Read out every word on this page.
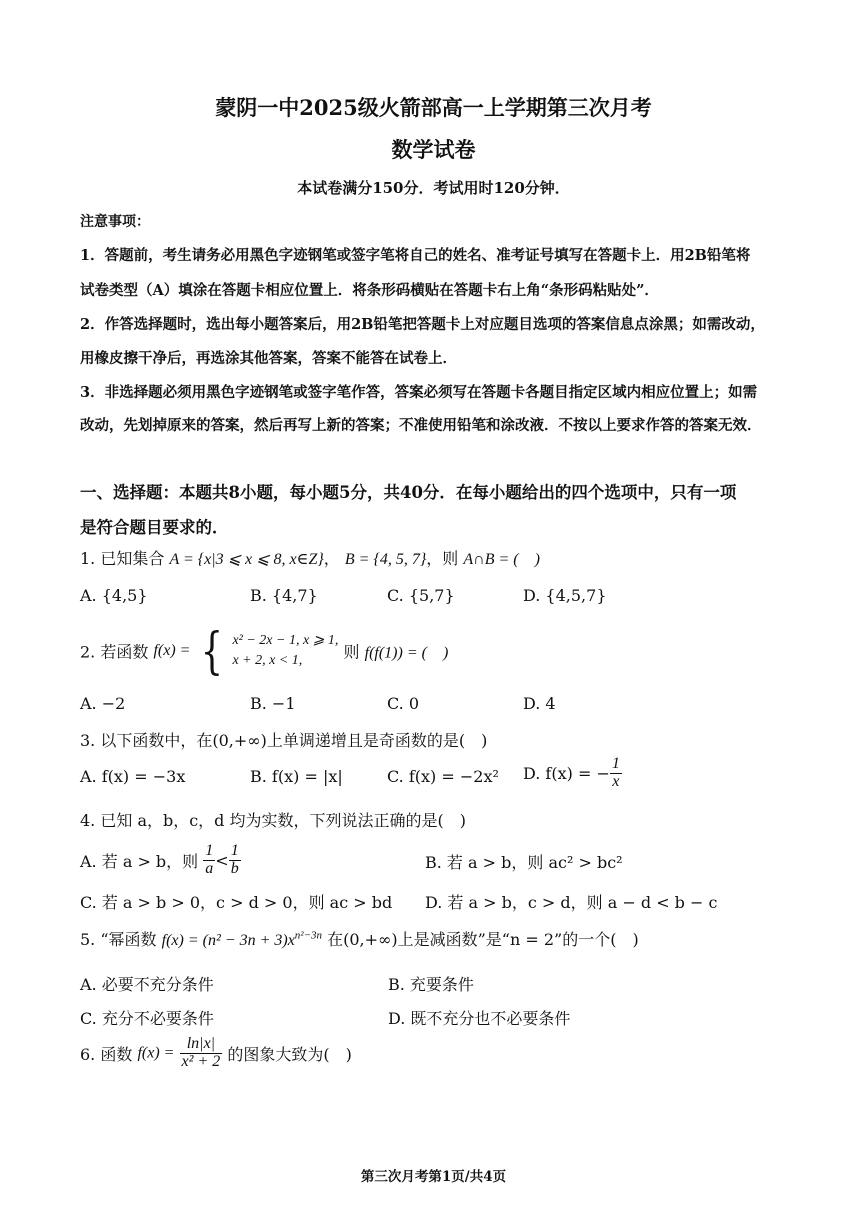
蒙阴一中2025级火箭部高一上学期第三次月考
数学试卷
本试卷满分150分．考试用时120分钟．
注意事项：
1．答题前，考生请务必用黑色字迹钢笔或签字笔将自己的姓名、准考证号填写在答题卡上．用2B铅笔将
试卷类型（A）填涂在答题卡相应位置上．将条形码横贴在答题卡右上角“条形码粘贴处”．
2．作答选择题时，选出每小题答案后，用2B铅笔把答题卡上对应题目选项的答案信息点涂黑；如需改动，
用橡皮擦干净后，再选涂其他答案，答案不能答在试卷上．
3．非选择题必须用黑色字迹钢笔或签字笔作答，答案必须写在答题卡各题目指定区域内相应位置上；如需
改动，先划掉原来的答案，然后再写上新的答案；不准使用铅笔和涂改液．不按以上要求作答的答案无效．
一、选择题：本题共8小题，每小题5分，共40分．在每小题给出的四个选项中，只有一项
是符合题目要求的．
1. 已知集合 A = {x|3 ⩽ x ⩽ 8, x∈Z}， B = {4, 5, 7}，则 A∩B = (　)
A. {4,5}	B. {4,7}	C. {5,7}	D. {4,5,7}
2. 若函数 f(x) = { x² − 2x − 1, x ⩾ 1,
x + 2, x < 1,	则 f(f(1)) = (　)
A. −2	B. −1	C. 0	D. 4
3. 以下函数中，在(0,+∞)上单调递增且是奇函数的是(　)
A. f(x) = −3x	B. f(x) = |x|	C. f(x) = −2x² D. f(x) = − $\frac{1}{x}$
4. 已知 a，b，c，d 均为实数，下列说法正确的是(　)
A. 若 a > b，则 $\frac{1}{a} < \frac{1}{b}$	B. 若 a > b，则 ac² > bc²
C. 若 a > b > 0，c > d > 0，则 ac > bd D. 若 a > b，c > d，则 a − d < b − c
5. “幂函数 $f(x) = (n^2 - 3n + 3)x^{n^2-3n}$ 在(0,+∞)上是减函数”是“n = 2”的一个(　)
A. 必要不充分条件	B. 充要条件
C. 充分不必要条件	D. 既不充分也不必要条件
6. 函数 $f(x) = \frac{\ln|x|}{\text{x² + 2}}$ 的图象大致为(　)
第三次月考第1页/共4页
